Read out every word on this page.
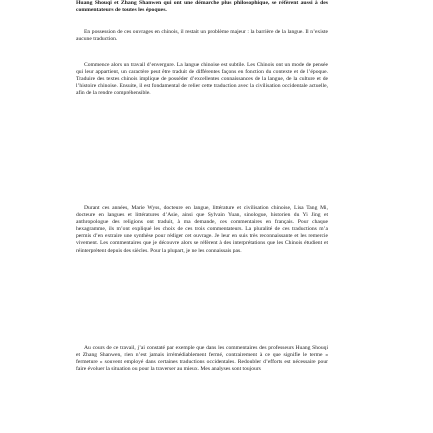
Huang Shouqi et Zhang Shanwen qui ont une démarche plus philosophique, se réfèrent aussi à des commentateurs de toutes les époques.

En possession de ces ouvrages en chinois, il restait un problème majeur : la barrière de la langue. Il n’existe aucune traduction.

Commence alors un travail d’envergure. La langue chinoise est subtile. Les Chinois ont un mode de pensée qui leur appartient, un caractère peut être traduit de différentes façons en fonction du contexte et de l’époque. Traduire des textes chinois implique de posséder d’excellentes connaissances de la langue, de la culture et de l’histoire chinoise. Ensuite, il est fondamental de relier cette traduction avec la civilisation occidentale actuelle, afin de la rendre compréhensible.

Durant ces années, Marie Wyss, docteure en langue, littérature et civilisation chinoise, Lisa Tang Mi, docteure en langues et littératures d’Asie, ainsi que Sylvain Yuan, sinologue, historien du Yi Jing et anthropologue des religions ont traduit, à ma demande, ces commentaires en français. Pour chaque hexagramme, ils m’ont expliqué les choix de ces trois commentateurs. La pluralité de ces traductions m’a permis d’en extraire une synthèse pour rédiger cet ouvrage. Je leur en suis très reconnaissante et les remercie vivement. Les commentaires que je découvre alors se réfèrent à des interprétations que les Chinois étudient et réinterprètent depuis des siècles. Pour la plupart, je ne les connaissais pas.

Au cours de ce travail, j’ai constaté par exemple que dans les commentaires des professeurs Huang Shouqi et Zhang Shanwen, rien n’est jamais irrémédiablement fermé, contrairement à ce que signifie le terme « fermeture » souvent employé dans certaines traductions occidentales. Redoubler d’efforts est nécessaire pour faire évoluer la situation ou pour la traverser au mieux. Mes analyses sont toujours
